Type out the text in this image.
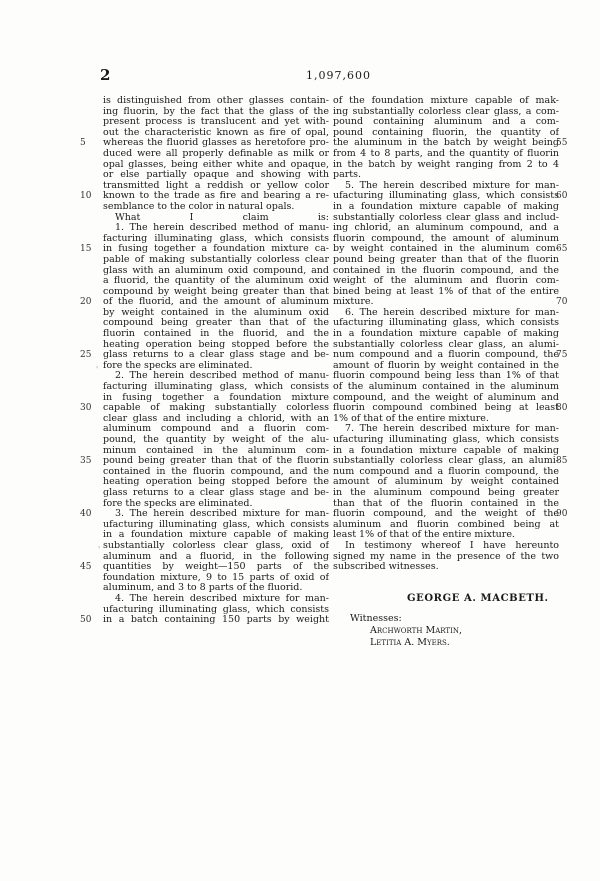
2	1,097,600
is distinguished from other glasses contain-
ing fluorin, by the fact that the glass of the
present process is translucent and yet with-
out the characteristic known as fire of opal,
whereas the fluorid glasses as heretofore pro-
duced were all properly definable as milk or
opal glasses, being either white and opaque,
or else partially opaque and showing with
transmitted light a reddish or yellow color
known to the trade as fire and bearing a re-
semblance to the color in natural opals.
What I claim is:
1. The herein described method of manu-
facturing illuminating glass, which consists
in fusing together a foundation mixture ca-
pable of making substantially colorless clear
glass with an aluminum oxid compound, and
a fluorid, the quantity of the aluminum oxid
compound by weight being greater than that
of the fluorid, and the amount of aluminum
by weight contained in the aluminum oxid
compound being greater than that of the
fluorin contained in the fluorid, and the
heating operation being stopped before the
glass returns to a clear glass stage and be-
fore the specks are eliminated.
2. The herein described method of manu-
facturing illuminating glass, which consists
in fusing together a foundation mixture
capable of making substantially colorless
clear glass and including a chlorid, with an
aluminum compound and a fluorin com-
pound, the quantity by weight of the alu-
minum contained in the aluminum com-
pound being greater than that of the fluorin
contained in the fluorin compound, and the
heating operation being stopped before the
glass returns to a clear glass stage and be-
fore the specks are eliminated.
3. The herein described mixture for man-
ufacturing illuminating glass, which consists
in a foundation mixture capable of making
substantially colorless clear glass, oxid of
aluminum and a fluorid, in the following
quantities by weight—150 parts of the
foundation mixture, 9 to 15 parts of oxid of
aluminum, and 3 to 8 parts of the fluorid.
4. The herein described mixture for man-
ufacturing illuminating glass, which consists
in a batch containing 150 parts by weight
of the foundation mixture capable of mak-
ing substantially colorless clear glass, a com-
pound containing aluminum and a com-
pound containing fluorin, the quantity of
the aluminum in the batch by weight being
from 4 to 8 parts, and the quantity of fluorin
in the batch by weight ranging from 2 to 4
parts.
5. The herein described mixture for man-
ufacturing illuminating glass, which consists
in a foundation mixture capable of making
substantially colorless clear glass and includ-
ing chlorid, an aluminum compound, and a
fluorin compound, the amount of aluminum
by weight contained in the aluminum com-
pound being greater than that of the fluorin
contained in the fluorin compound, and the
weight of the aluminum and fluorin com-
bined being at least 1% of that of the entire
mixture.
6. The herein described mixture for man-
ufacturing illuminating glass, which consists
in a foundation mixture capable of making
substantially colorless clear glass, an alumi-
num compound and a fluorin compound, the
amount of fluorin by weight contained in the
fluorin compound being less than 1% of that
of the aluminum contained in the aluminum
compound, and the weight of aluminum and
fluorin compound combined being at least
1% of that of the entire mixture.
7. The herein described mixture for man-
ufacturing illuminating glass, which consists
in a foundation mixture capable of making
substantially colorless clear glass, an alumi-
num compound and a fluorin compound, the
amount of aluminum by weight contained
in the aluminum compound being greater
than that of the fluorin contained in the
fluorin compound, and the weight of the
aluminum and fluorin combined being at
least 1% of that of the entire mixture.
In testimony whereof I have hereunto
signed my name in the presence of the two
subscribed witnesses.
5
10
15
20
25
30
35
40
45
50
55
60
65
70
75
80
85
90
GEORGE A. MACBETH.
Witnesses:
Archworth Martin,
Letitia A. Myers.
'
'
